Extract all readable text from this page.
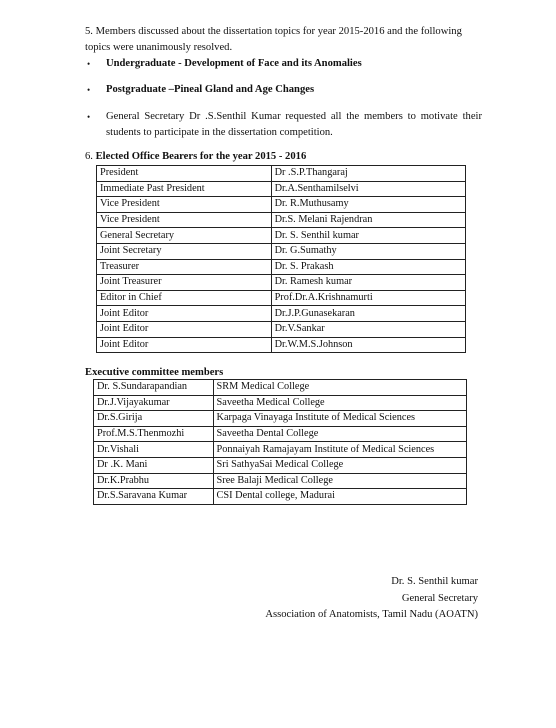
5. Members discussed about the dissertation topics for year 2015-2016 and the following
topics were unanimously resolved.
• Undergraduate - Development of Face and its Anomalies
• Postgraduate –Pineal Gland and Age Changes
• General Secretary Dr .S.Senthil Kumar requested all the members to motivate their students to participate in the dissertation competition.
6. Elected Office Bearers for the year 2015 - 2016
President	Dr .S.P.Thangaraj
Immediate Past President	Dr.A.Senthamilselvi
Vice President	Dr. R.Muthusamy
Vice President	Dr.S. Melani Rajendran
General Secretary	Dr. S. Senthil kumar
Joint Secretary	Dr. G.Sumathy
Treasurer	Dr. S. Prakash
Joint Treasurer	Dr. Ramesh kumar
Editor in Chief	Prof.Dr.A.Krishnamurti
Joint Editor	Dr.J.P.Gunasekaran
Joint Editor	Dr.V.Sankar
Joint Editor	Dr.W.M.S.Johnson
Executive committee members
Dr. S.Sundarapandian	SRM Medical College
Dr.J.Vijayakumar	Saveetha Medical College
Dr.S.Girija	Karpaga Vinayaga Institute of Medical Sciences
Prof.M.S.Thenmozhi	Saveetha Dental College
Dr.Vishali	Ponnaiyah Ramajayam Institute of Medical Sciences
Dr .K. Mani	Sri SathyaSai Medical College
Dr.K.Prabhu	Sree Balaji Medical College
Dr.S.Saravana Kumar	CSI Dental college, Madurai
Dr. S. Senthil kumar
General Secretary
Association of Anatomists, Tamil Nadu (AOATN)
